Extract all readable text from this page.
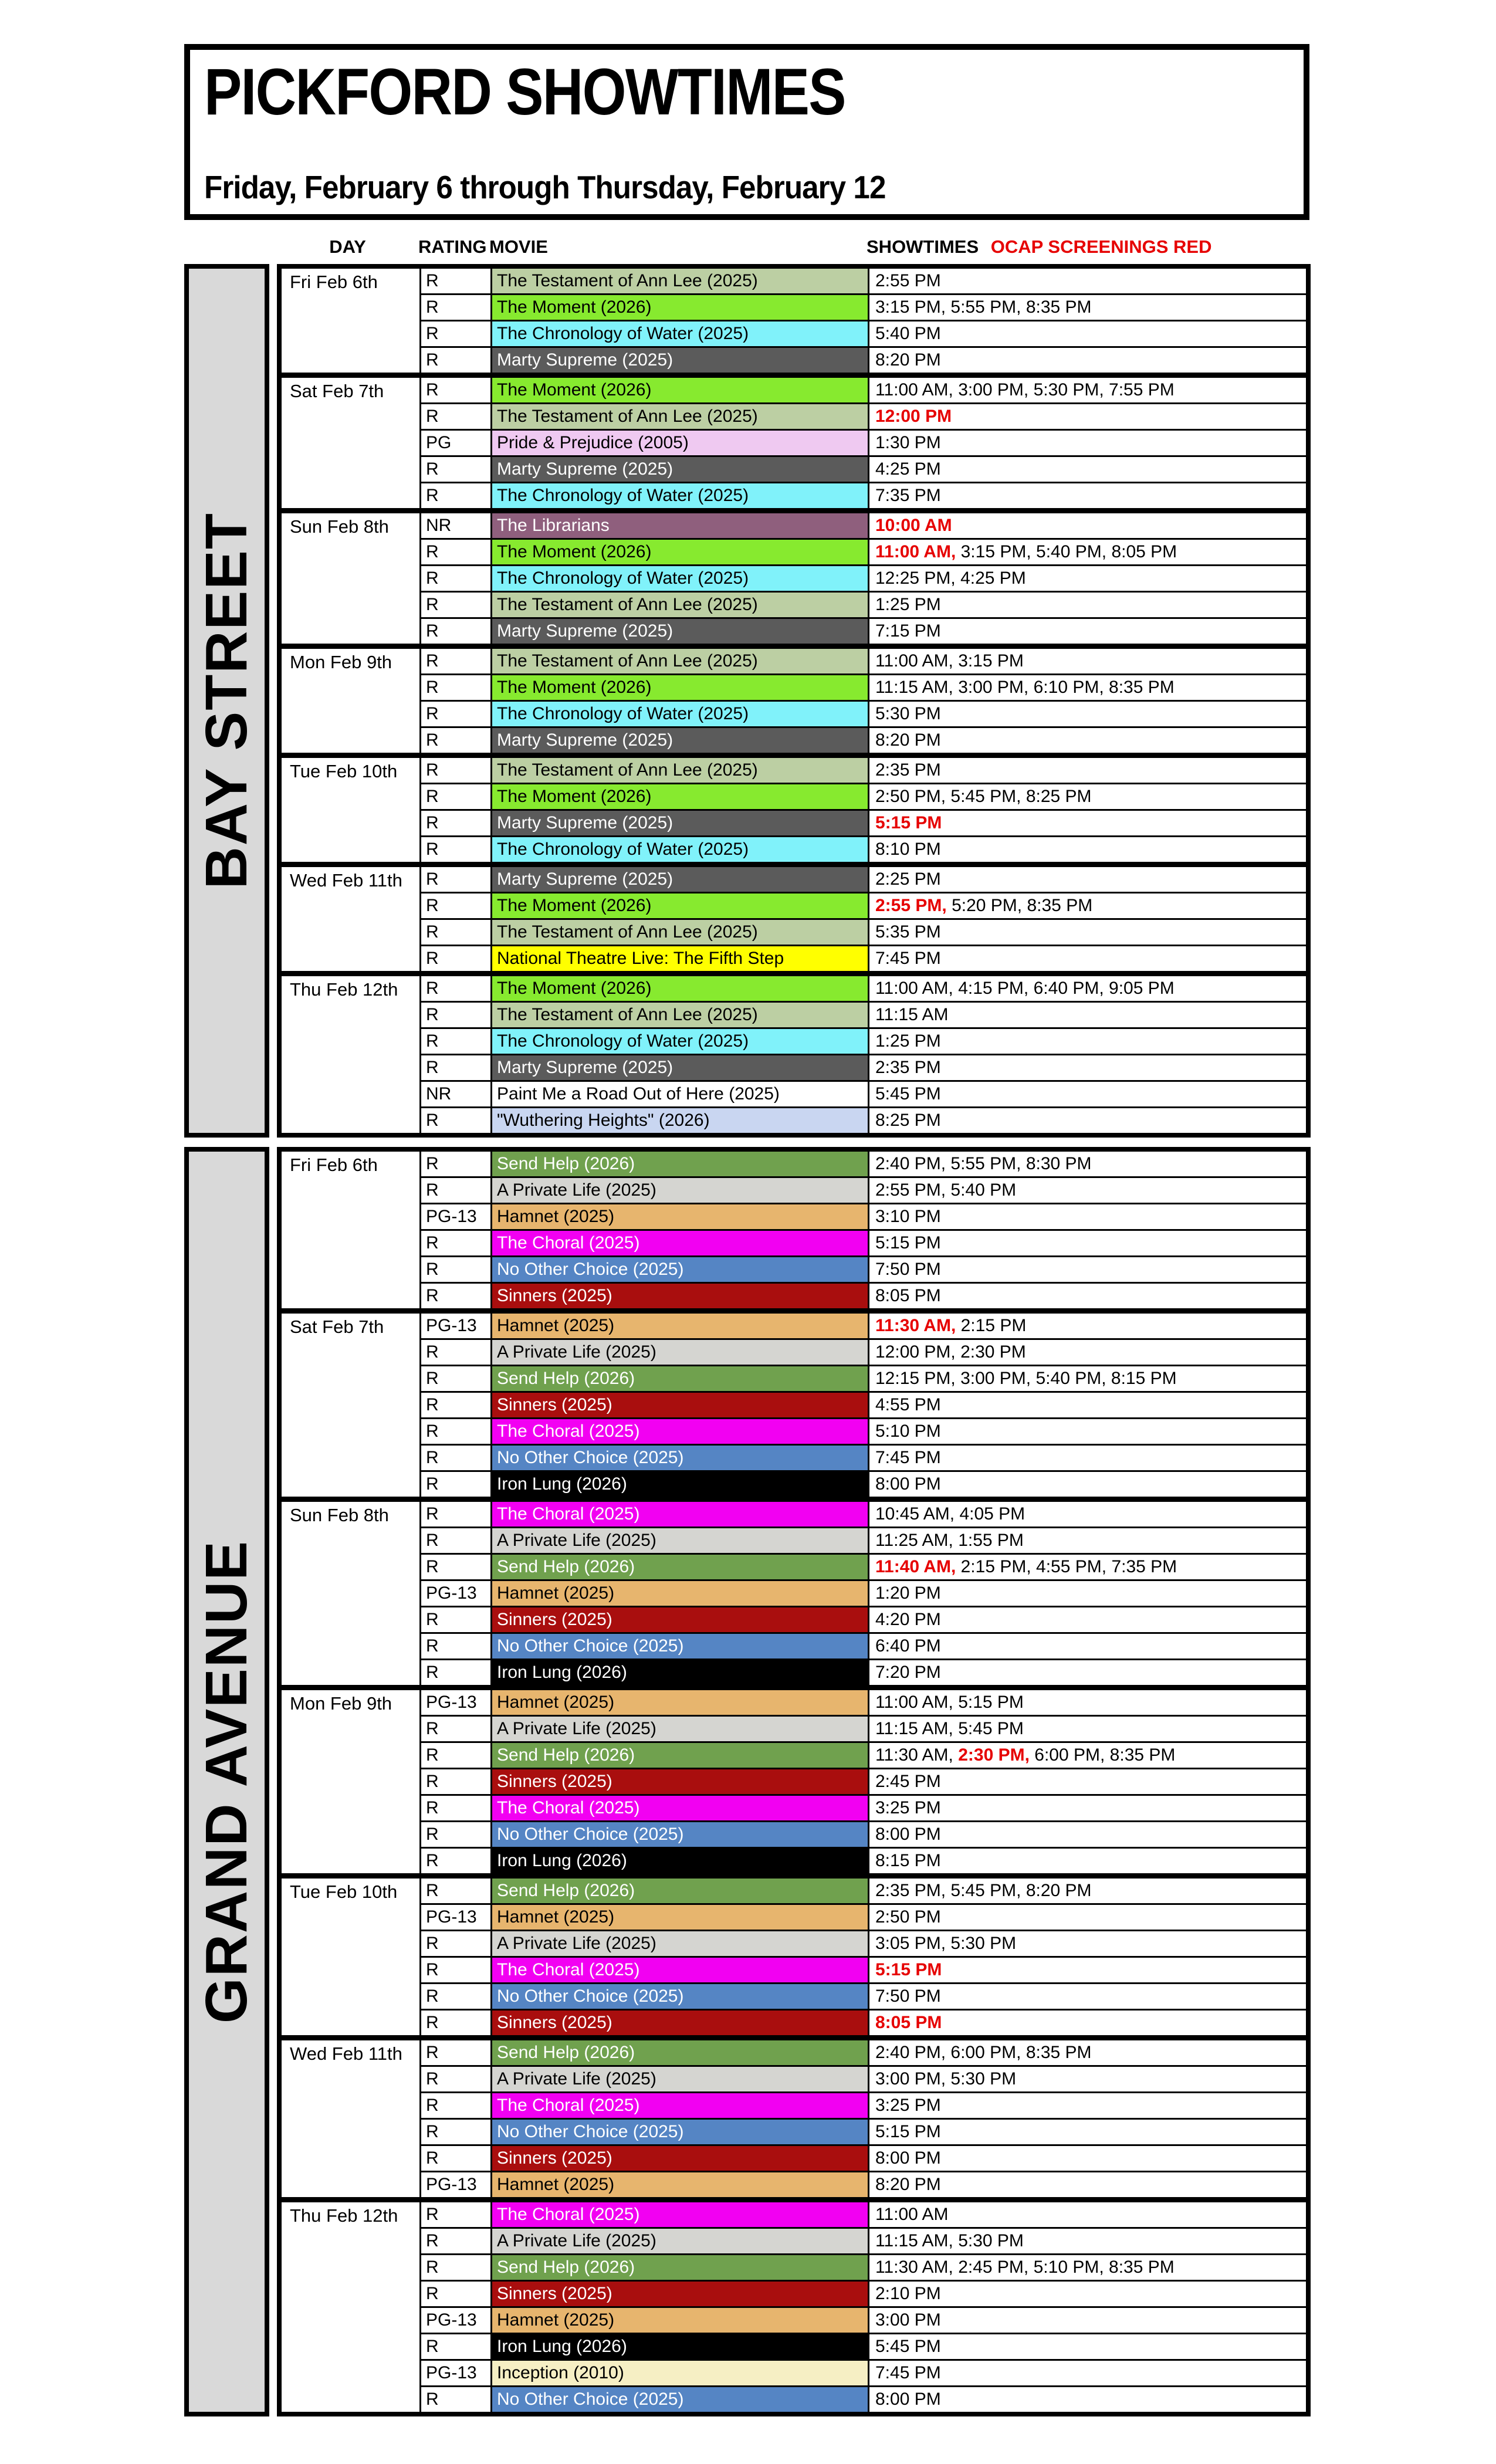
PICKFORD SHOWTIMES
Friday, February 6 through Thursday, February 12
DAY	RATING MOVIE	SHOWTIMES OCAP SCREENINGS RED
BAY STREET
Fri Feb 6th	R	The Testament of Ann Lee (2025)	2:55 PM
R	The Moment (2026)	3:15 PM, 5:55 PM, 8:35 PM
R	The Chronology of Water (2025)	5:40 PM
R	Marty Supreme (2025)	8:20 PM
Sat Feb 7th	R	The Moment (2026)	11:00 AM, 3:00 PM, 5:30 PM, 7:55 PM
R	The Testament of Ann Lee (2025)	12:00 PM
PG	Pride & Prejudice (2005)	1:30 PM
R	Marty Supreme (2025)	4:25 PM
R	The Chronology of Water (2025)	7:35 PM
Sun Feb 8th	NR	The Librarians	10:00 AM
R	The Moment (2026)	11:00 AM, 3:15 PM, 5:40 PM, 8:05 PM
R	The Chronology of Water (2025)	12:25 PM, 4:25 PM
R	The Testament of Ann Lee (2025)	1:25 PM
R	Marty Supreme (2025)	7:15 PM
Mon Feb 9th	R	The Testament of Ann Lee (2025)	11:00 AM, 3:15 PM
R	The Moment (2026)	11:15 AM, 3:00 PM, 6:10 PM, 8:35 PM
R	The Chronology of Water (2025)	5:30 PM
R	Marty Supreme (2025)	8:20 PM
Tue Feb 10th	R	The Testament of Ann Lee (2025)	2:35 PM
R	The Moment (2026)	2:50 PM, 5:45 PM, 8:25 PM
R	Marty Supreme (2025)	5:15 PM
R	The Chronology of Water (2025)	8:10 PM
Wed Feb 11th	R	Marty Supreme (2025)	2:25 PM
R	The Moment (2026)	2:55 PM, 5:20 PM, 8:35 PM
R	The Testament of Ann Lee (2025)	5:35 PM
R	National Theatre Live: The Fifth Step	7:45 PM
Thu Feb 12th	R	The Moment (2026)	11:00 AM, 4:15 PM, 6:40 PM, 9:05 PM
R	The Testament of Ann Lee (2025)	11:15 AM
R	The Chronology of Water (2025)	1:25 PM
R	Marty Supreme (2025)	2:35 PM
NR	Paint Me a Road Out of Here (2025)	5:45 PM
R	"Wuthering Heights" (2026)	8:25 PM
GRAND AVENUE
Fri Feb 6th	R	Send Help (2026)	2:40 PM, 5:55 PM, 8:30 PM
R	A Private Life (2025)	2:55 PM, 5:40 PM
PG-13	Hamnet (2025)	3:10 PM
R	The Choral (2025)	5:15 PM
R	No Other Choice (2025)	7:50 PM
R	Sinners (2025)	8:05 PM
Sat Feb 7th	PG-13	Hamnet (2025)	11:30 AM, 2:15 PM
R	A Private Life (2025)	12:00 PM, 2:30 PM
R	Send Help (2026)	12:15 PM, 3:00 PM, 5:40 PM, 8:15 PM
R	Sinners (2025)	4:55 PM
R	The Choral (2025)	5:10 PM
R	No Other Choice (2025)	7:45 PM
R	Iron Lung (2026)	8:00 PM
Sun Feb 8th	R	The Choral (2025)	10:45 AM, 4:05 PM
R	A Private Life (2025)	11:25 AM, 1:55 PM
R	Send Help (2026)	11:40 AM, 2:15 PM, 4:55 PM, 7:35 PM
PG-13	Hamnet (2025)	1:20 PM
R	Sinners (2025)	4:20 PM
R	No Other Choice (2025)	6:40 PM
R	Iron Lung (2026)	7:20 PM
Mon Feb 9th	PG-13	Hamnet (2025)	11:00 AM, 5:15 PM
R	A Private Life (2025)	11:15 AM, 5:45 PM
R	Send Help (2026)	11:30 AM, 2:30 PM, 6:00 PM, 8:35 PM
R	Sinners (2025)	2:45 PM
R	The Choral (2025)	3:25 PM
R	No Other Choice (2025)	8:00 PM
R	Iron Lung (2026)	8:15 PM
Tue Feb 10th	R	Send Help (2026)	2:35 PM, 5:45 PM, 8:20 PM
PG-13	Hamnet (2025)	2:50 PM
R	A Private Life (2025)	3:05 PM, 5:30 PM
R	The Choral (2025)	5:15 PM
R	No Other Choice (2025)	7:50 PM
R	Sinners (2025)	8:05 PM
Wed Feb 11th	R	Send Help (2026)	2:40 PM, 6:00 PM, 8:35 PM
R	A Private Life (2025)	3:00 PM, 5:30 PM
R	The Choral (2025)	3:25 PM
R	No Other Choice (2025)	5:15 PM
R	Sinners (2025)	8:00 PM
PG-13	Hamnet (2025)	8:20 PM
Thu Feb 12th	R	The Choral (2025)	11:00 AM
R	A Private Life (2025)	11:15 AM, 5:30 PM
R	Send Help (2026)	11:30 AM, 2:45 PM, 5:10 PM, 8:35 PM
R	Sinners (2025)	2:10 PM
PG-13	Hamnet (2025)	3:00 PM
R	Iron Lung (2026)	5:45 PM
PG-13	Inception (2010)	7:45 PM
R	No Other Choice (2025)	8:00 PM
